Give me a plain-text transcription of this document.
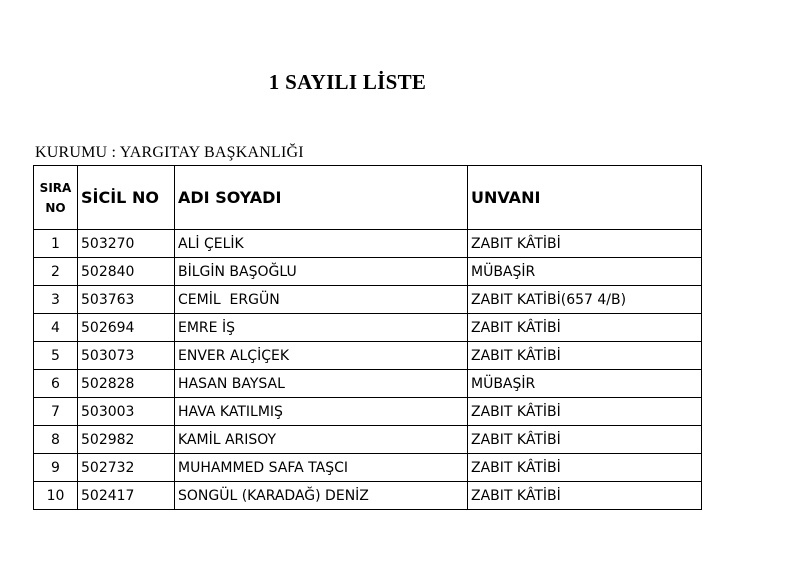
1 SAYILI LİSTE
KURUMU : YARGITAY BAŞKANLIĞI
SIRA
NO	SİCİL NO	ADI SOYADI	UNVANI
1	503270	ALİ ÇELİK	ZABIT KÂTİBİ
2	502840	BİLGİN BAŞOĞLU	MÜBAŞİR
3	503763	CEMİL  ERGÜN	ZABIT KATİBİ(657 4/B)
4	502694	EMRE İŞ	ZABIT KÂTİBİ
5	503073	ENVER ALÇİÇEK	ZABIT KÂTİBİ
6	502828	HASAN BAYSAL	MÜBAŞİR
7	503003	HAVA KATILMIŞ	ZABIT KÂTİBİ
8	502982	KAMİL ARISOY	ZABIT KÂTİBİ
9	502732	MUHAMMED SAFA TAŞCI	ZABIT KÂTİBİ
10	502417	SONGÜL (KARADAĞ) DENİZ	ZABIT KÂTİBİ
